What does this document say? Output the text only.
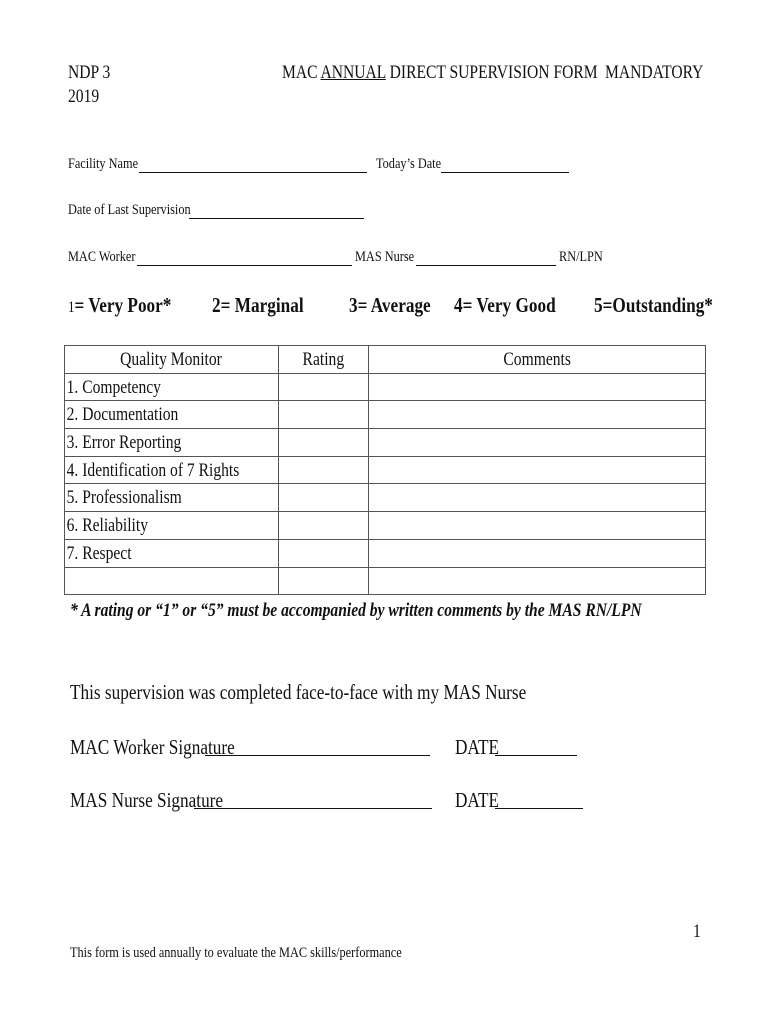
NDP 3
2019
MAC ANNUAL DIRECT SUPERVISION FORM MANDATORY
Facility Name	Today’s Date
Date of Last Supervision
MAC Worker	MAS Nurse	RN/LPN
1= Very Poor*	2= Marginal	3= Average	4= Very Good	5=Outstanding*
Quality Monitor	Rating	Comments
1. Competency		
2. Documentation		
3. Error Reporting		
4. Identification of 7 Rights		
5. Professionalism		
6. Reliability		
7. Respect		

* A rating or “1” or “5” must be accompanied by written comments by the MAS RN/LPN
This supervision was completed face-to-face with my MAS Nurse
MAC Worker Signature	DATE
MAS Nurse Signature	DATE
1
This form is used annually to evaluate the MAC skills/performance
